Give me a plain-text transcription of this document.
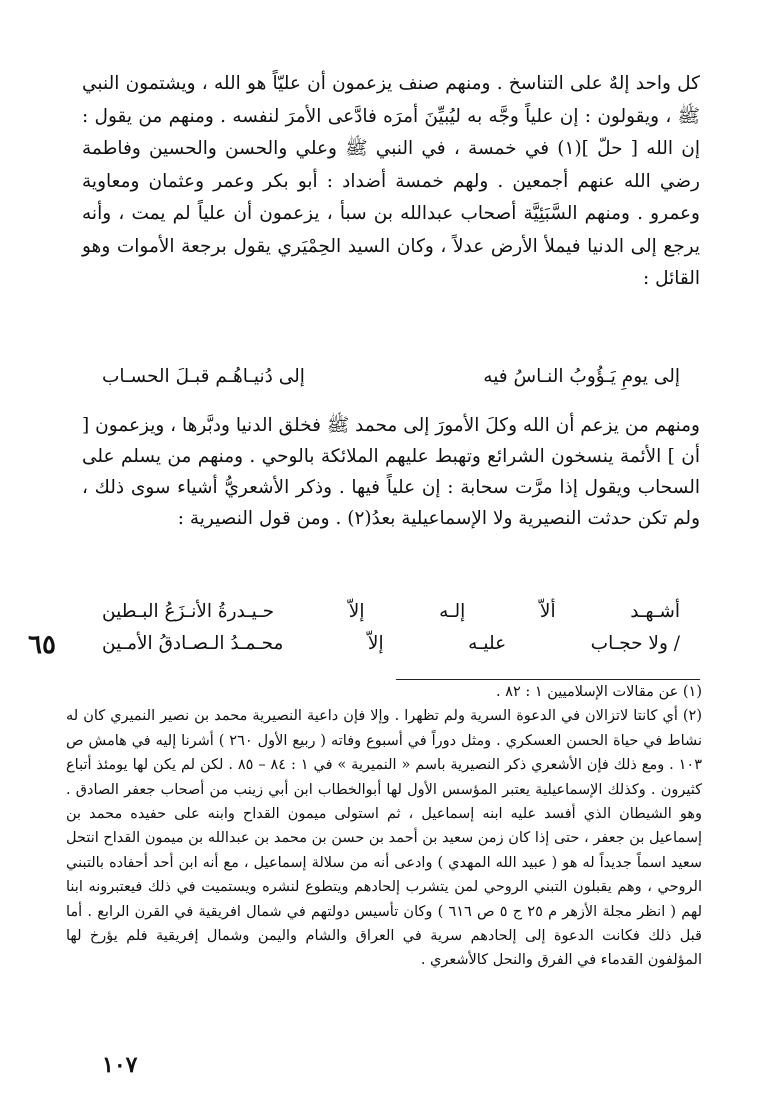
كل واحد إلهٌ على التناسخ . ومنهم صنف يزعمون أن عليّاً هو الله ، ويشتمون النبي ﷺ ، ويقولون : إن علياً وجَّه به ليُبيِّنَ أمرَه فادَّعى الأمرَ لنفسه . ومنهم من يقول : إن الله [ حلّ ](١) في خمسة ، في النبي ﷺ وعلي والحسن والحسين وفاطمة رضي الله عنهم أجمعين . ولهم خمسة أضداد : أبو بكر وعمر وعثمان ومعاوية وعمرو . ومنهم السَّبَئِيَّة أصحاب عبدالله بن سبأ ، يزعمون أن علياً لم يمت ، وأنه يرجع إلى الدنيا فيملأ الأرض عدلاً ، وكان السيد الحِمْيَري يقول برجعة الأموات وهو القائل :

إلى يومِ يَـؤُوبُ النـاسُ فيه
إلى دُنيـاهُـم قبـلَ الحسـاب

ومنهم من يزعم أن الله وكلَ الأمورَ إلى محمد ﷺ فخلق الدنيا ودبَّرها ، ويزعمون [ أن ] الأئمة ينسخون الشرائع وتهبط عليهم الملائكة بالوحي . ومنهم من يسلم على السحاب ويقول إذا مرَّت سحابة : إن علياً فيها . وذكر الأشعريُّ أشياء سوى ذلك ، ولم تكن حدثت النصيرية ولا الإسماعيلية بعدُ(٢) . ومن قول النصيرية :

أشـهـد
ألاّ
إلـه
إلاّ
حـيـدرةُ الأنـزَعُ البـطين
/ ولا حجـاب
عليـه
إلاّ
محـمـدُ الـصـادقُ الأمـين
٦٥

(١) عن مقالات الإسلاميين ١ : ٨٢ .

(٢) أي كانتا لاتزالان في الدعوة السرية ولم تظهرا . وإلا فإن داعية النصيرية محمد بن نصير النميري كان له نشاط في حياة الحسن العسكري . ومثل دوراً في أسبوع وفاته ( ربيع الأول ٢٦٠ ) أشرنا إليه في هامش ص ١٠٣ . ومع ذلك فإن الأشعري ذكر النصيرية باسم « النميرية » في ١ : ٨٤ – ٨٥ . لكن لم يكن لها يومئذ أتباع كثيرون . وكذلك الإسماعيلية يعتبر المؤسس الأول لها أبوالخطاب ابن أبي زينب من أصحاب جعفر الصادق . وهو الشيطان الذي أفسد عليه ابنه إسماعيل ، ثم استولى ميمون القداح وابنه على حفيده محمد بن إسماعيل بن جعفر ، حتى إذا كان زمن سعيد بن أحمد بن حسن بن محمد بن عبدالله بن ميمون القداح انتحل سعيد اسماً جديداً له هو ( عبيد الله المهدي ) وادعى أنه من سلالة إسماعيل ، مع أنه ابن أحد أحفاده بالتبني الروحي ، وهم يقبلون التبني الروحي لمن يتشرب إلحادهم ويتطوع لنشره ويستميت في ذلك فيعتبرونه ابنا لهم ( انظر مجلة الأزهر م ٢٥ ج ٥ ص ٦١٦ ) وكان تأسيس دولتهم في شمال افريقية في القرن الرابع . أما قبل ذلك فكانت الدعوة إلى إلحادهم سرية في العراق والشام واليمن وشمال إفريقية فلم يؤرخ لها المؤلفون القدماء في الفرق والنحل كالأشعري .

١٠٧
